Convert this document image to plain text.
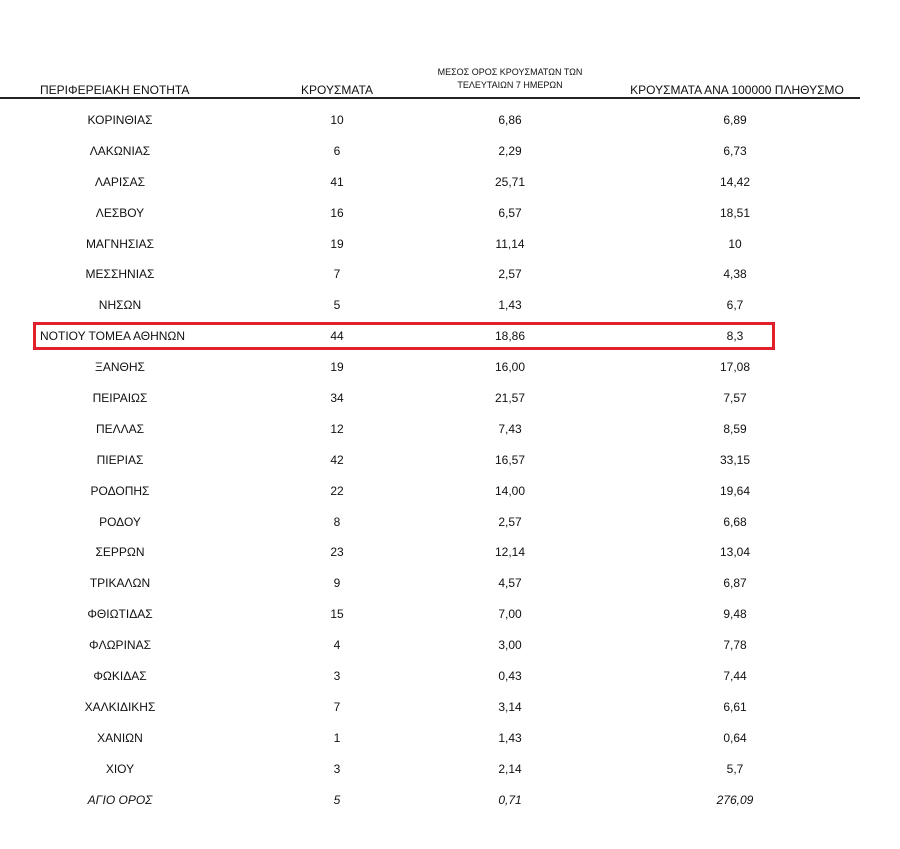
ΠΕΡΙΦΕΡΕΙΑΚΗ ΕΝΟΤΗΤΑ	ΚΡΟΥΣΜΑΤΑ
ΜΕΣΟΣ ΟΡΟΣ ΚΡΟΥΣΜΑΤΩΝ ΤΩΝ
ΤΕΛΕΥΤΑΙΩΝ 7 ΗΜΕΡΩΝ	ΚΡΟΥΣΜΑΤΑ ΑΝΑ 100000 ΠΛΗΘΥΣΜΟ
ΚΟΡΙΝΘΙΑΣ	10	6,86	6,89
ΛΑΚΩΝΙΑΣ	6	2,29	6,73
ΛΑΡΙΣΑΣ	41	25,71	14,42
ΛΕΣΒΟΥ	16	6,57	18,51
ΜΑΓΝΗΣΙΑΣ	19	11,14	10
ΜΕΣΣΗΝΙΑΣ	7	2,57	4,38
ΝΗΣΩΝ	5	1,43	6,7
ΝΟΤΙΟΥ ΤΟΜΕΑ ΑΘΗΝΩΝ	44	18,86	8,3
ΞΑΝΘΗΣ	19	16,00	17,08
ΠΕΙΡΑΙΩΣ	34	21,57	7,57
ΠΕΛΛΑΣ	12	7,43	8,59
ΠΙΕΡΙΑΣ	42	16,57	33,15
ΡΟΔΟΠΗΣ	22	14,00	19,64
ΡΟΔΟΥ	8	2,57	6,68
ΣΕΡΡΩΝ	23	12,14	13,04
ΤΡΙΚΑΛΩΝ	9	4,57	6,87
ΦΘΙΩΤΙΔΑΣ	15	7,00	9,48
ΦΛΩΡΙΝΑΣ	4	3,00	7,78
ΦΩΚΙΔΑΣ	3	0,43	7,44
ΧΑΛΚΙΔΙΚΗΣ	7	3,14	6,61
ΧΑΝΙΩΝ	1	1,43	0,64
ΧΙΟΥ	3	2,14	5,7
ΑΓΙΟ ΟΡΟΣ	5	0,71	276,09
